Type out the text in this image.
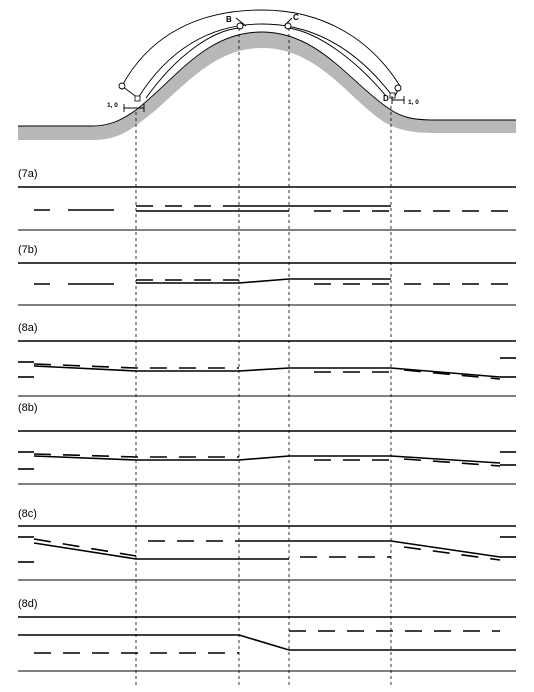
B	C
D
1, 0	1, 0
(7a)
(7b)
(8a)
(8b)
(8c)
(8d)
